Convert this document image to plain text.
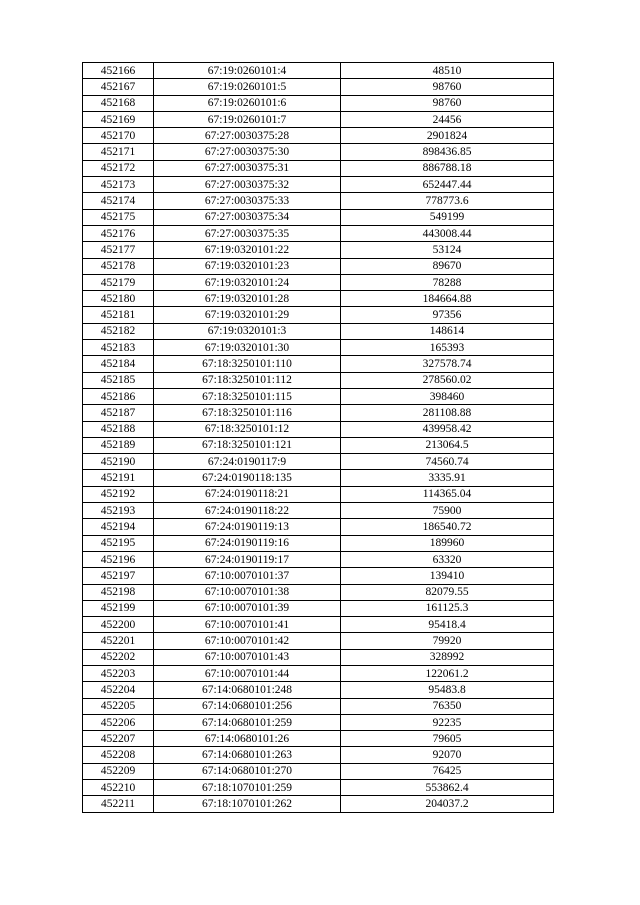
452166	67:19:0260101:4	48510
452167	67:19:0260101:5	98760
452168	67:19:0260101:6	98760
452169	67:19:0260101:7	24456
452170	67:27:0030375:28	2901824
452171	67:27:0030375:30	898436.85
452172	67:27:0030375:31	886788.18
452173	67:27:0030375:32	652447.44
452174	67:27:0030375:33	778773.6
452175	67:27:0030375:34	549199
452176	67:27:0030375:35	443008.44
452177	67:19:0320101:22	53124
452178	67:19:0320101:23	89670
452179	67:19:0320101:24	78288
452180	67:19:0320101:28	184664.88
452181	67:19:0320101:29	97356
452182	67:19:0320101:3	148614
452183	67:19:0320101:30	165393
452184	67:18:3250101:110	327578.74
452185	67:18:3250101:112	278560.02
452186	67:18:3250101:115	398460
452187	67:18:3250101:116	281108.88
452188	67:18:3250101:12	439958.42
452189	67:18:3250101:121	213064.5
452190	67:24:0190117:9	74560.74
452191	67:24:0190118:135	3335.91
452192	67:24:0190118:21	114365.04
452193	67:24:0190118:22	75900
452194	67:24:0190119:13	186540.72
452195	67:24:0190119:16	189960
452196	67:24:0190119:17	63320
452197	67:10:0070101:37	139410
452198	67:10:0070101:38	82079.55
452199	67:10:0070101:39	161125.3
452200	67:10:0070101:41	95418.4
452201	67:10:0070101:42	79920
452202	67:10:0070101:43	328992
452203	67:10:0070101:44	122061.2
452204	67:14:0680101:248	95483.8
452205	67:14:0680101:256	76350
452206	67:14:0680101:259	92235
452207	67:14:0680101:26	79605
452208	67:14:0680101:263	92070
452209	67:14:0680101:270	76425
452210	67:18:1070101:259	553862.4
452211	67:18:1070101:262	204037.2
